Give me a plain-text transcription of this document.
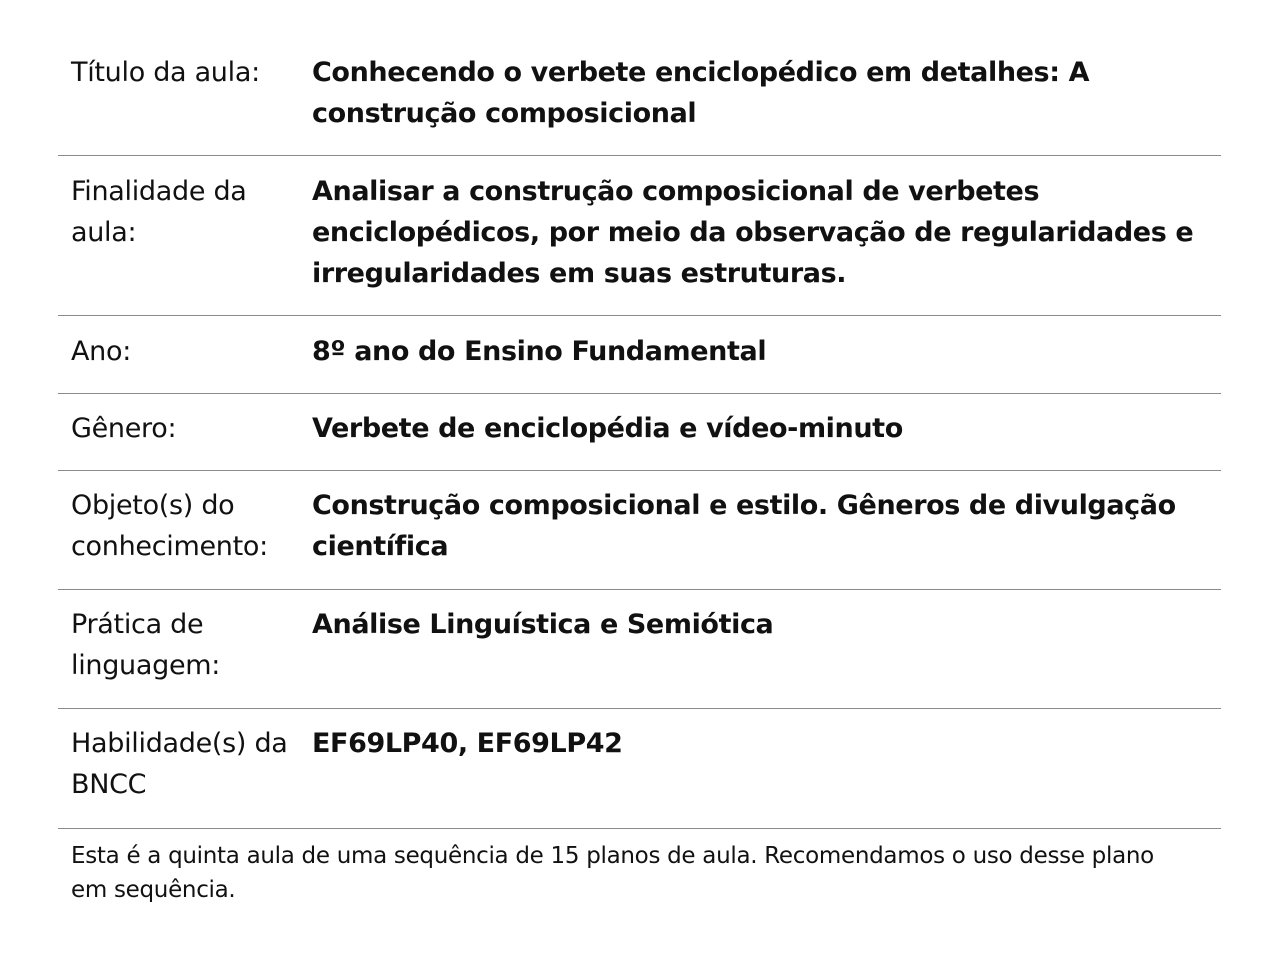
Título da aula:	Conhecendo o verbete enciclopédico em detalhes: A construção composicional
Finalidade da aula:
Analisar a construção composicional de verbetes enciclopédicos, por meio da observação de regularidades e irregularidades em suas estruturas.
Ano:	8º ano do Ensino Fundamental
Gênero:	Verbete de enciclopédia e vídeo-minuto
Objeto(s) do conhecimento:
Construção composicional e estilo. Gêneros de divulgação científica
Prática de linguagem:
Análise Linguística e Semiótica
Habilidade(s) da BNCC
EF69LP40, EF69LP42
Esta é a quinta aula de uma sequência de 15 planos de aula. Recomendamos o uso desse plano em sequência.
